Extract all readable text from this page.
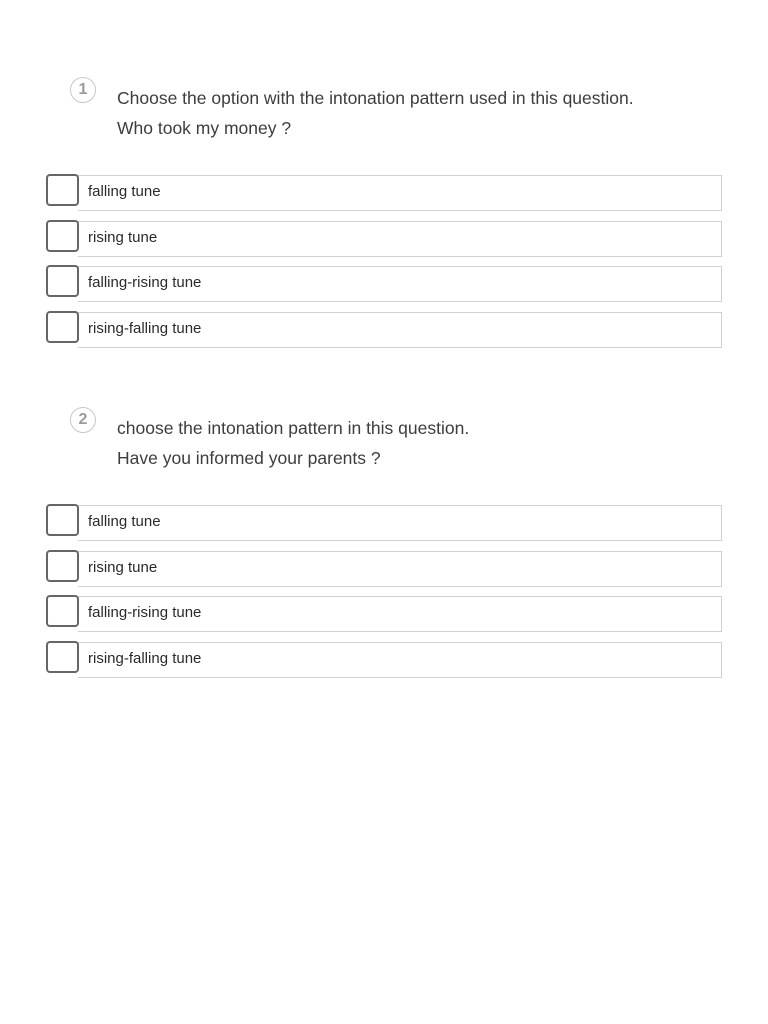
1	Choose the option with the intonation pattern used in this question.
Who took my money ?
falling tune
rising tune
falling-rising tune
rising-falling tune
2	choose the intonation pattern in this question.
Have you informed your parents ?
falling tune
rising tune
falling-rising tune
rising-falling tune
